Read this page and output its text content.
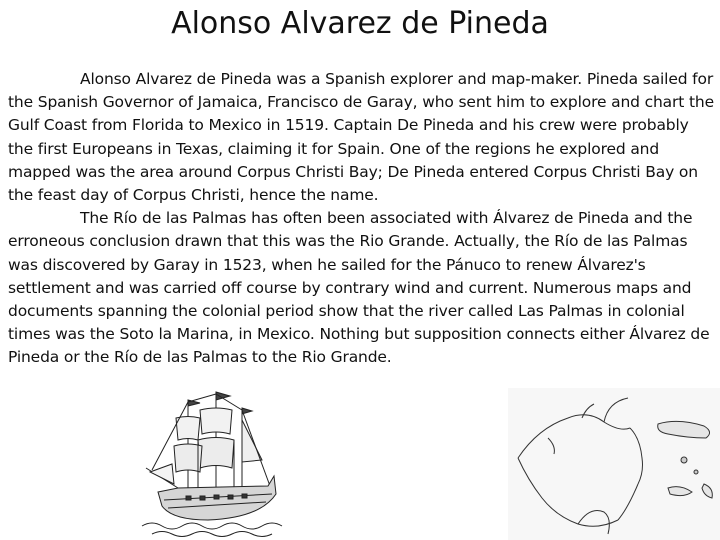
Alonso Alvarez de Pineda

Alonso Alvarez de Pineda was a Spanish explorer and map-maker. Pineda sailed for the Spanish Governor of Jamaica, Francisco de Garay, who sent him to explore and chart the Gulf Coast from Florida to Mexico in 1519. Captain De Pineda and his crew were probably the first Europeans in Texas, claiming it for Spain. One of the regions he explored and mapped was the area around Corpus Christi Bay; De Pineda entered Corpus Christi Bay on the feast day of Corpus Christi, hence the name.

The Río de las Palmas has often been associated with Álvarez de Pineda and the erroneous conclusion drawn that this was the Rio Grande. Actually, the Río de las Palmas was discovered by Garay in 1523, when he sailed for the Pánuco to renew Álvarez's settlement and was carried off course by contrary wind and current. Numerous maps and documents spanning the colonial period show that the river called Las Palmas in colonial times was the Soto la Marina, in Mexico. Nothing but supposition connects either Álvarez de Pineda or the Río de las Palmas to the Rio Grande.
